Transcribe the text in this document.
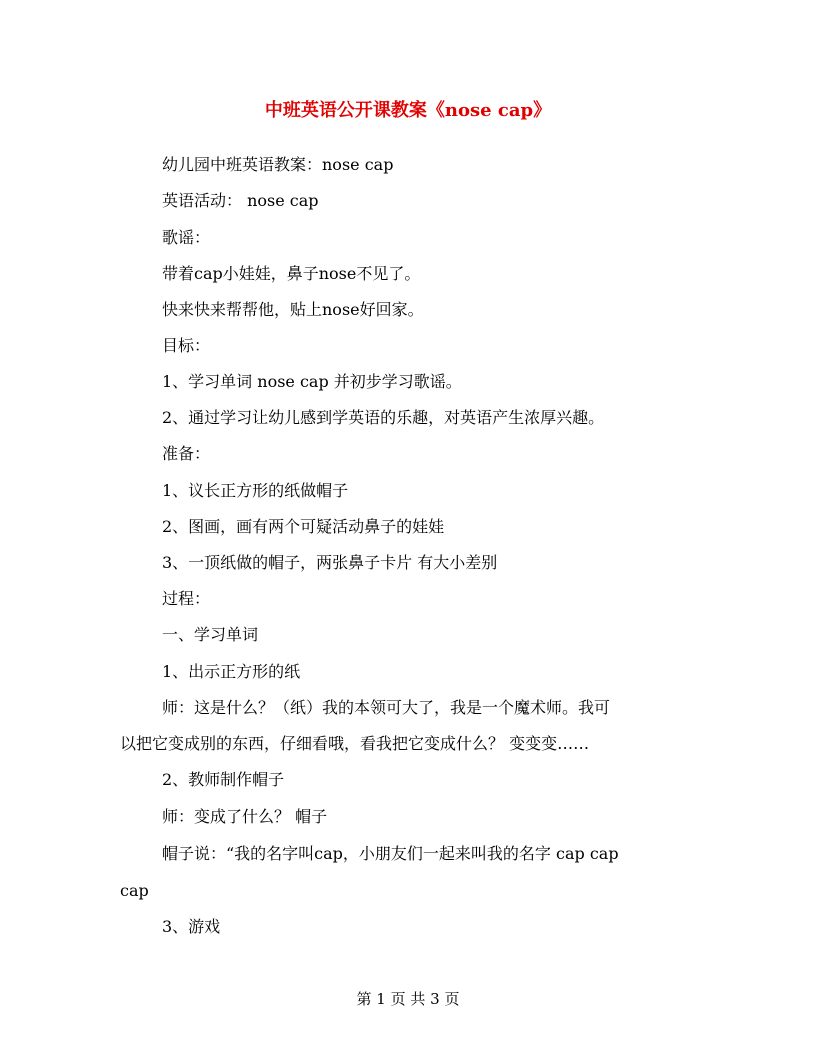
中班英语公开课教案《nose cap》
幼儿园中班英语教案：nose cap
英语活动： nose cap
歌谣：
带着cap小娃娃，鼻子nose不见了。
快来快来帮帮他，贴上nose好回家。
目标：
1、学习单词 nose cap 并初步学习歌谣。
2、通过学习让幼儿感到学英语的乐趣，对英语产生浓厚兴趣。
准备：
1、议长正方形的纸做帽子
2、图画，画有两个可疑活动鼻子的娃娃
3、一顶纸做的帽子，两张鼻子卡片 有大小差别
过程：
一、学习单词
1、出示正方形的纸
师：这是什么？（纸）我的本领可大了，我是一个魔术师。我可
以把它变成别的东西，仔细看哦，看我把它变成什么？ 变变变……
2、教师制作帽子
师：变成了什么？ 帽子
帽子说：“我的名字叫cap，小朋友们一起来叫我的名字 cap cap
cap
3、游戏
第 1 页 共 3 页
